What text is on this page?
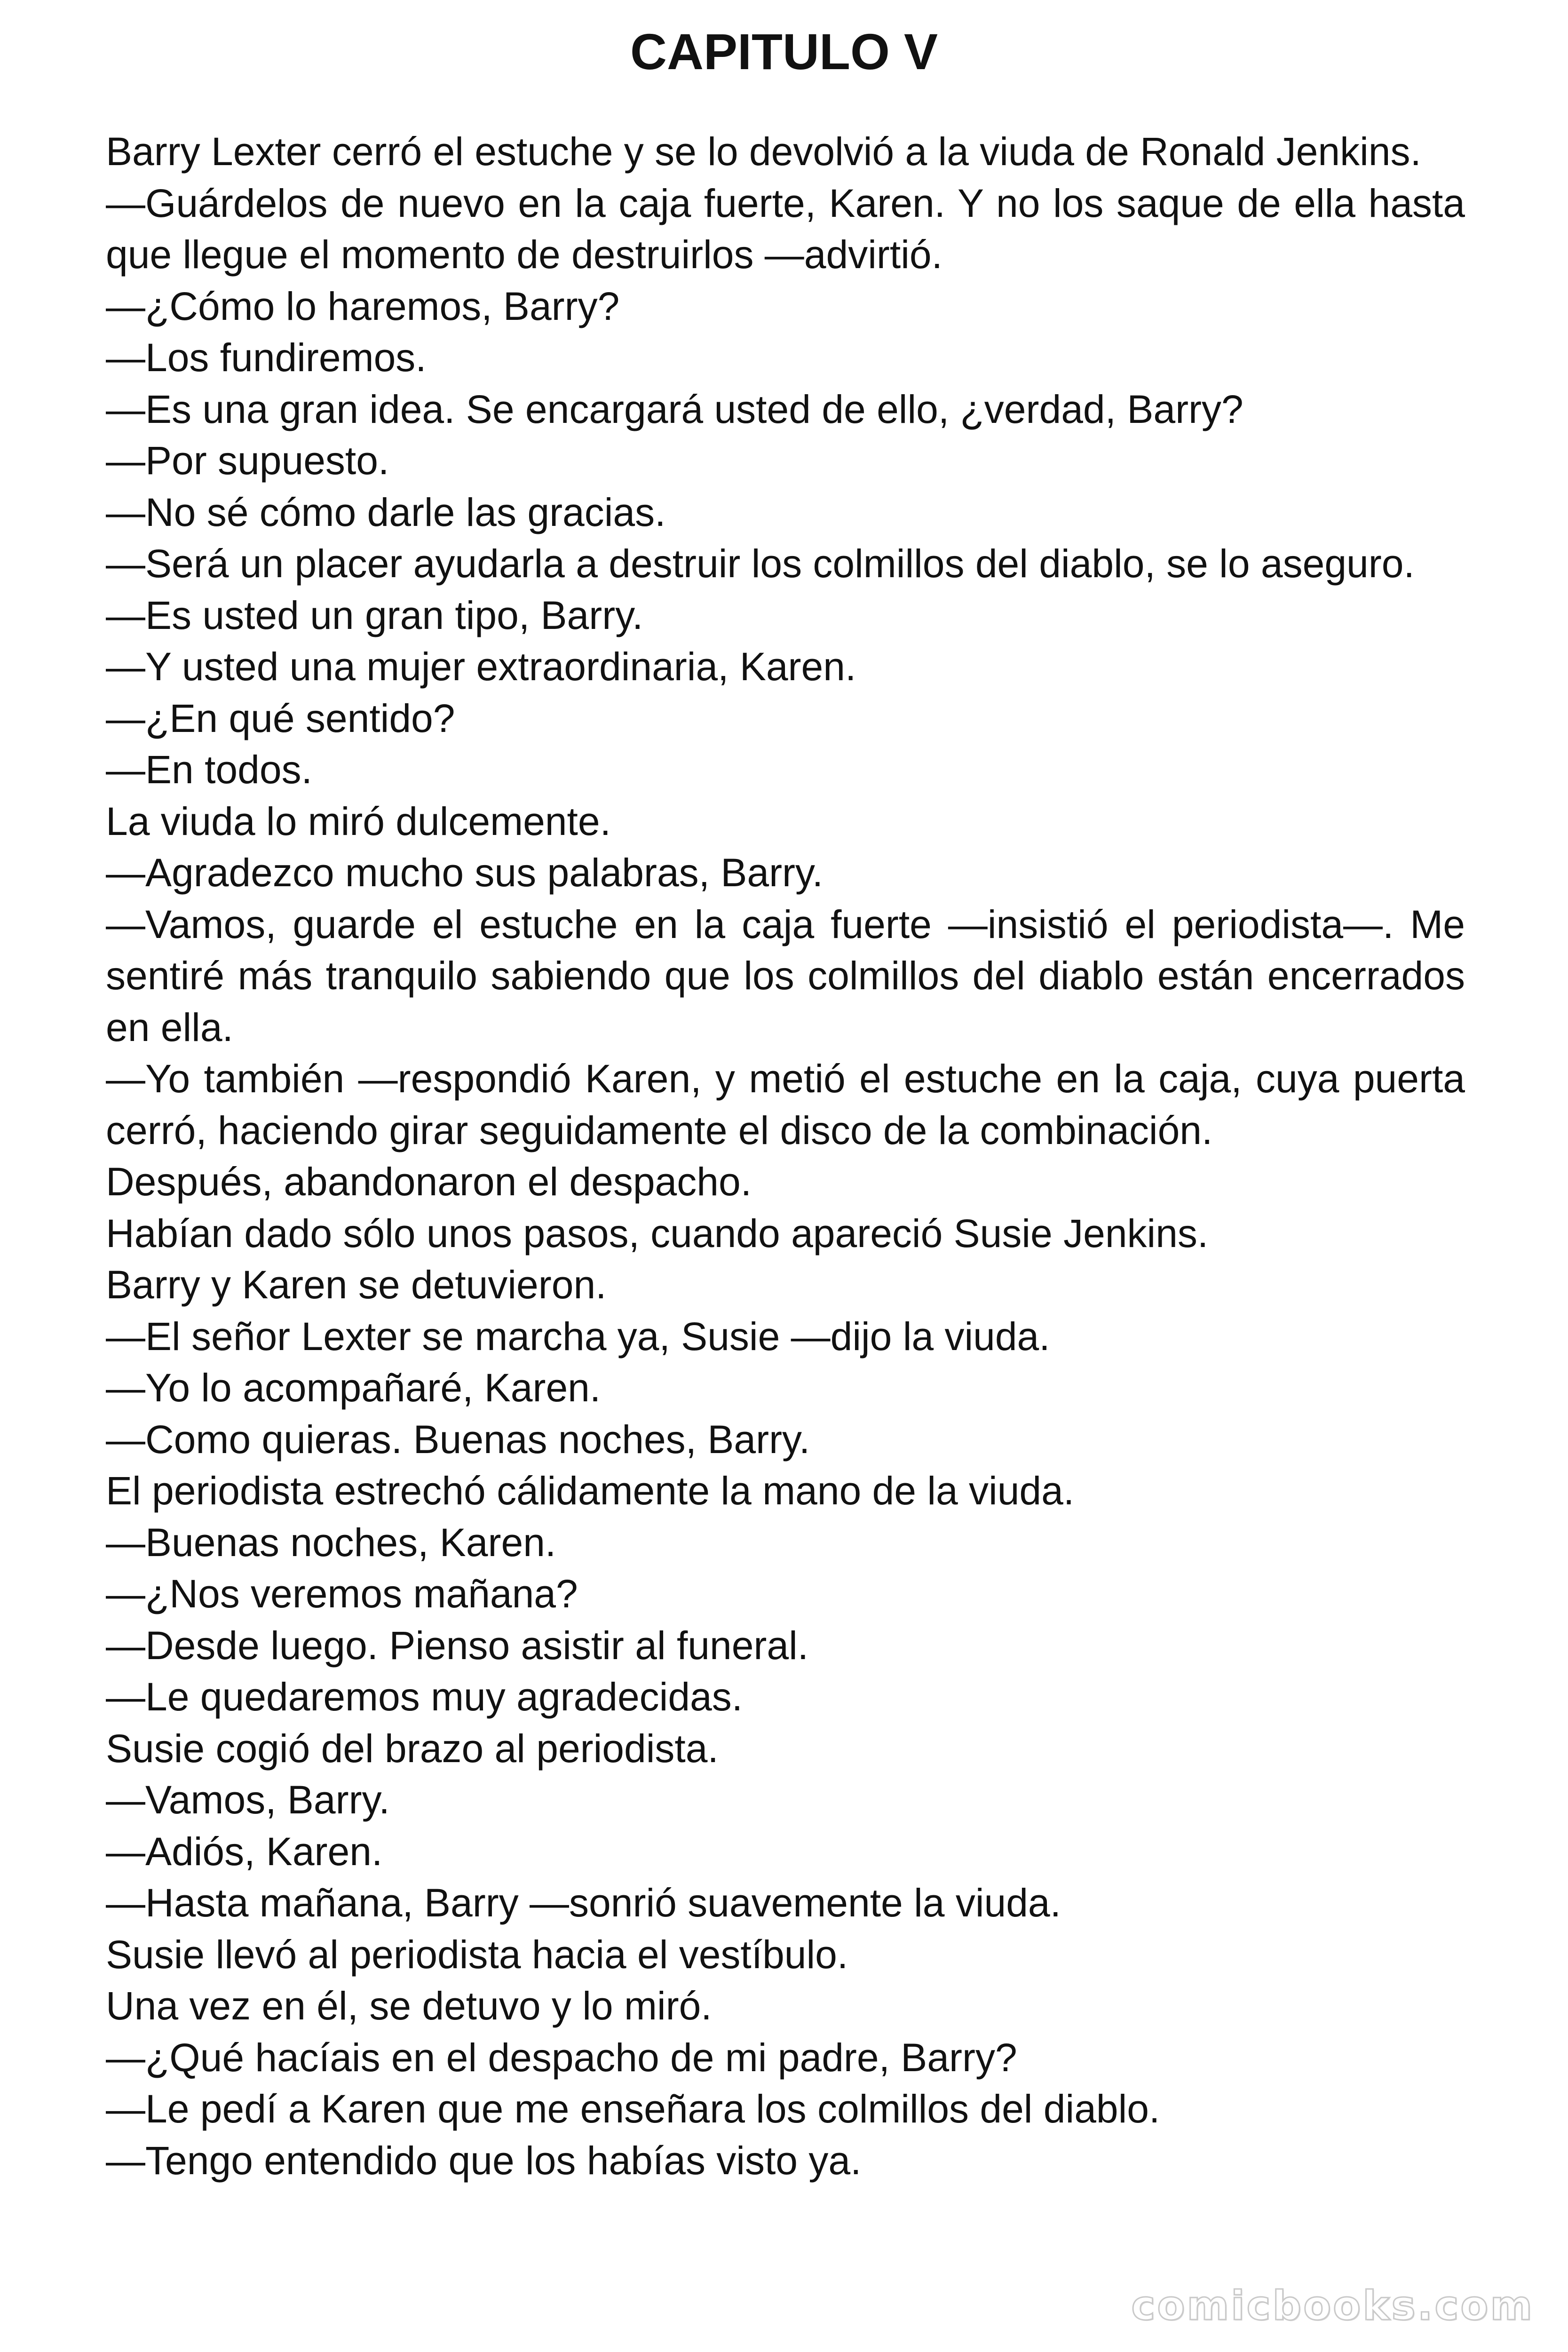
CAPITULO V

Barry Lexter cerró el estuche y se lo devolvió a la viuda de Ronald Jenkins.

—Guárdelos de nuevo en la caja fuerte, Karen. Y no los saque de ella hasta que llegue el momento de destruirlos —advirtió.

—¿Cómo lo haremos, Barry?

—Los fundiremos.

—Es una gran idea. Se encargará usted de ello, ¿verdad, Barry?

—Por supuesto.

—No sé cómo darle las gracias.

—Será un placer ayudarla a destruir los colmillos del diablo, se lo aseguro.

—Es usted un gran tipo, Barry.

—Y usted una mujer extraordinaria, Karen.

—¿En qué sentido?

—En todos.

La viuda lo miró dulcemente.

—Agradezco mucho sus palabras, Barry.

—Vamos, guarde el estuche en la caja fuerte —insistió el periodista—. Me sentiré más tranquilo sabiendo que los colmillos del diablo están encerrados en ella.

—Yo también —respondió Karen, y metió el estuche en la caja, cuya puerta cerró, haciendo girar seguidamente el disco de la combinación.

Después, abandonaron el despacho.

Habían dado sólo unos pasos, cuando apareció Susie Jenkins.

Barry y Karen se detuvieron.

—El señor Lexter se marcha ya, Susie —dijo la viuda.

—Yo lo acompañaré, Karen.

—Como quieras. Buenas noches, Barry.

El periodista estrechó cálidamente la mano de la viuda.

—Buenas noches, Karen.

—¿Nos veremos mañana?

—Desde luego. Pienso asistir al funeral.

—Le quedaremos muy agradecidas.

Susie cogió del brazo al periodista.

—Vamos, Barry.

—Adiós, Karen.

—Hasta mañana, Barry —sonrió suavemente la viuda.

Susie llevó al periodista hacia el vestíbulo.

Una vez en él, se detuvo y lo miró.

—¿Qué hacíais en el despacho de mi padre, Barry?

—Le pedí a Karen que me enseñara los colmillos del diablo.

—Tengo entendido que los habías visto ya.

comicbooks.com
